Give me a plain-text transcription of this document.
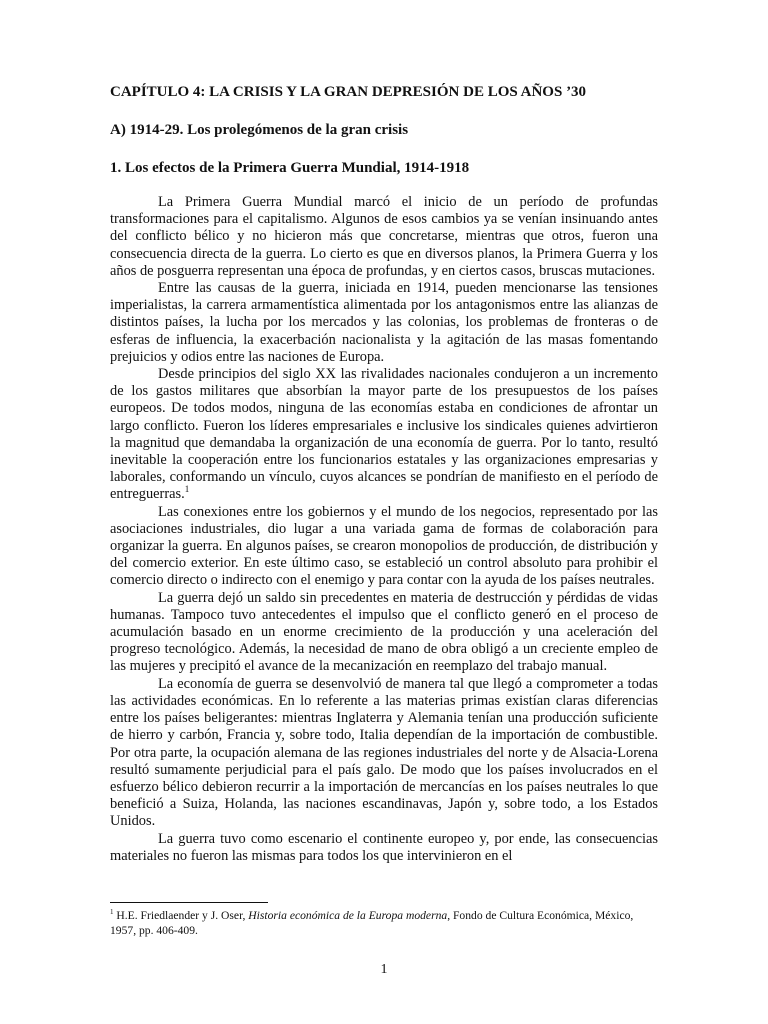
CAPÍTULO 4: LA CRISIS Y LA GRAN DEPRESIÓN DE LOS AÑOS ’30
A) 1914-29. Los prolegómenos de la gran crisis
1. Los efectos de la Primera Guerra Mundial, 1914-1918

La Primera Guerra Mundial marcó el inicio de un período de profundas transformaciones para el capitalismo. Algunos de esos cambios ya se venían insinuando antes del conflicto bélico y no hicieron más que concretarse, mientras que otros, fueron una consecuencia directa de la guerra. Lo cierto es que en diversos planos, la Primera Guerra y los años de posguerra representan una época de profundas, y en ciertos casos, bruscas mutaciones.

Entre las causas de la guerra, iniciada en 1914, pueden mencionarse las tensiones imperialistas, la carrera armamentística alimentada por los antagonismos entre las alianzas de distintos países, la lucha por los mercados y las colonias, los problemas de fronteras o de esferas de influencia, la exacerbación nacionalista y la agitación de las masas fomentando prejuicios y odios entre las naciones de Europa.

Desde principios del siglo XX las rivalidades nacionales condujeron a un incremento de los gastos militares que absorbían la mayor parte de los presupuestos de los países europeos. De todos modos, ninguna de las economías estaba en condiciones de afrontar un largo conflicto. Fueron los líderes empresariales e inclusive los sindicales quienes advirtieron la magnitud que demandaba la organización de una economía de guerra. Por lo tanto, resultó inevitable la cooperación entre los funcionarios estatales y las organizaciones empresarias y laborales, conformando un vínculo, cuyos alcances se pondrían de manifiesto en el período de entreguerras.$^1$

Las conexiones entre los gobiernos y el mundo de los negocios, representado por las asociaciones industriales, dio lugar a una variada gama de formas de colaboración para organizar la guerra. En algunos países, se crearon monopolios de producción, de distribución y del comercio exterior. En este último caso, se estableció un control absoluto para prohibir el comercio directo o indirecto con el enemigo y para contar con la ayuda de los países neutrales.

La guerra dejó un saldo sin precedentes en materia de destrucción y pérdidas de vidas humanas. Tampoco tuvo antecedentes el impulso que el conflicto generó en el proceso de acumulación basado en un enorme crecimiento de la producción y una aceleración del progreso tecnológico. Además, la necesidad de mano de obra obligó a un creciente empleo de las mujeres y precipitó el avance de la mecanización en reemplazo del trabajo manual.

La economía de guerra se desenvolvió de manera tal que llegó a comprometer a todas las actividades económicas. En lo referente a las materias primas existían claras diferencias entre los países beligerantes: mientras Inglaterra y Alemania tenían una producción suficiente de hierro y carbón, Francia y, sobre todo, Italia dependían de la importación de combustible. Por otra parte, la ocupación alemana de las regiones industriales del norte y de Alsacia-Lorena resultó sumamente perjudicial para el país galo. De modo que los países involucrados en el esfuerzo bélico debieron recurrir a la importación de mercancías en los países neutrales lo que benefició a Suiza, Holanda, las naciones escandinavas, Japón y, sobre todo, a los Estados Unidos.

La guerra tuvo como escenario el continente europeo y, por ende, las consecuencias materiales no fueron las mismas para todos los que intervinieron en el

$^1$ H.E. Friedlaender y J. Oser, Historia económica de la Europa moderna, Fondo de Cultura Económica, México, 1957, pp. 406-409.

1
